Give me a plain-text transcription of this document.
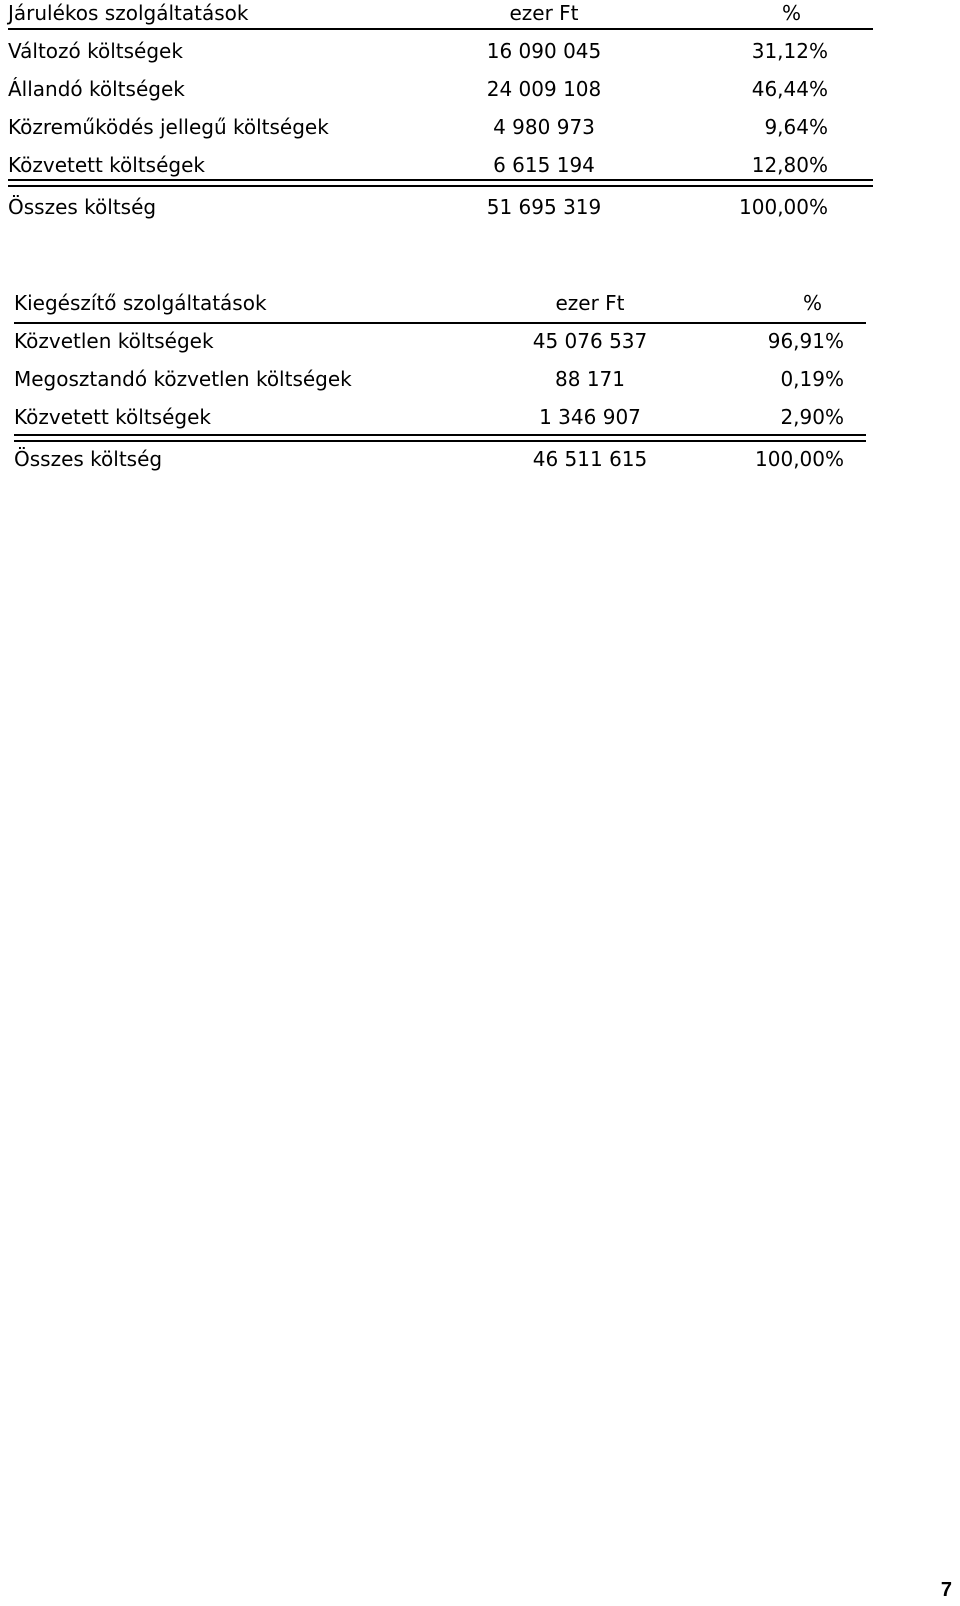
Járulékos szolgáltatások	ezer Ft	%
Változó költségek	16 090 045	31,12%
Állandó költségek	24 009 108	46,44%
Közreműködés jellegű költségek	4 980 973	9,64%
Közvetett költségek	6 615 194	12,80%
Összes költség	51 695 319	100,00%
Kiegészítő szolgáltatások	ezer Ft	%
Közvetlen költségek	45 076 537	96,91%
Megosztandó közvetlen költségek	88 171	0,19%
Közvetett költségek	1 346 907	2,90%
Összes költség	46 511 615	100,00%
7
